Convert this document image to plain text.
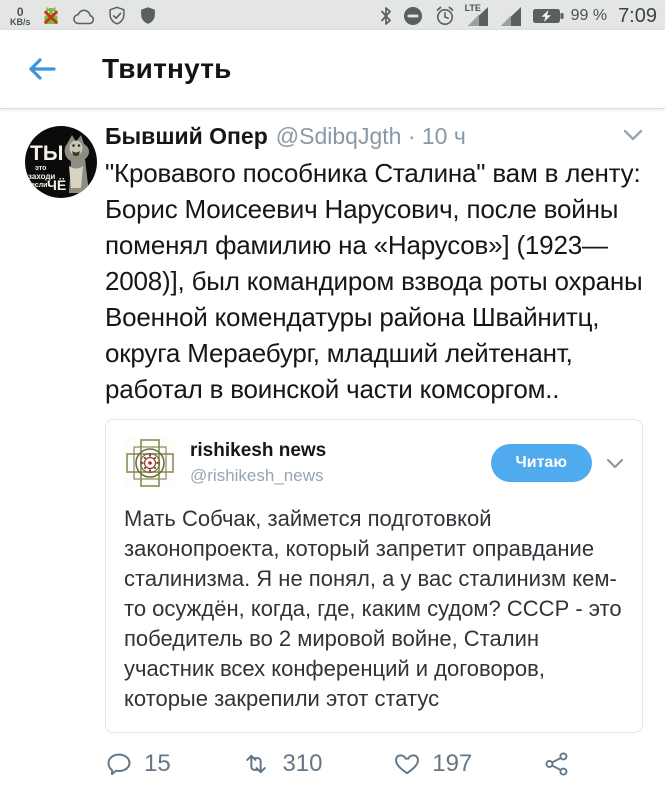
0
KB/s
LTE	99 % 7:09
Твитнуть
ТЫ
это
заходи
если ЧЁ
Бывший Опер @SdibqJgth · 10 ч
"Кровавого пособника Сталина" вам в ленту: Борис Моисеевич Нарусович, после войны поменял фамилию на «Нарусов»] (1923—2008)], был командиром взвода роты охраны Военной комендатуры района Швайнитц, округа Мераебург, младший лейтенант, работал в воинской части комсоргом..
rishikesh news
@rishikesh_news
Читаю
Мать Собчак, займется подготовкой законопроекта, который запретит оправдание сталинизма. Я не понял, а у вас сталинизм кем-то осуждён, когда, где, каким судом? СССР - это победитель во 2 мировой войне, Сталин участник всех конференций и договоров, которые закрепили этот статус
15	310	197
